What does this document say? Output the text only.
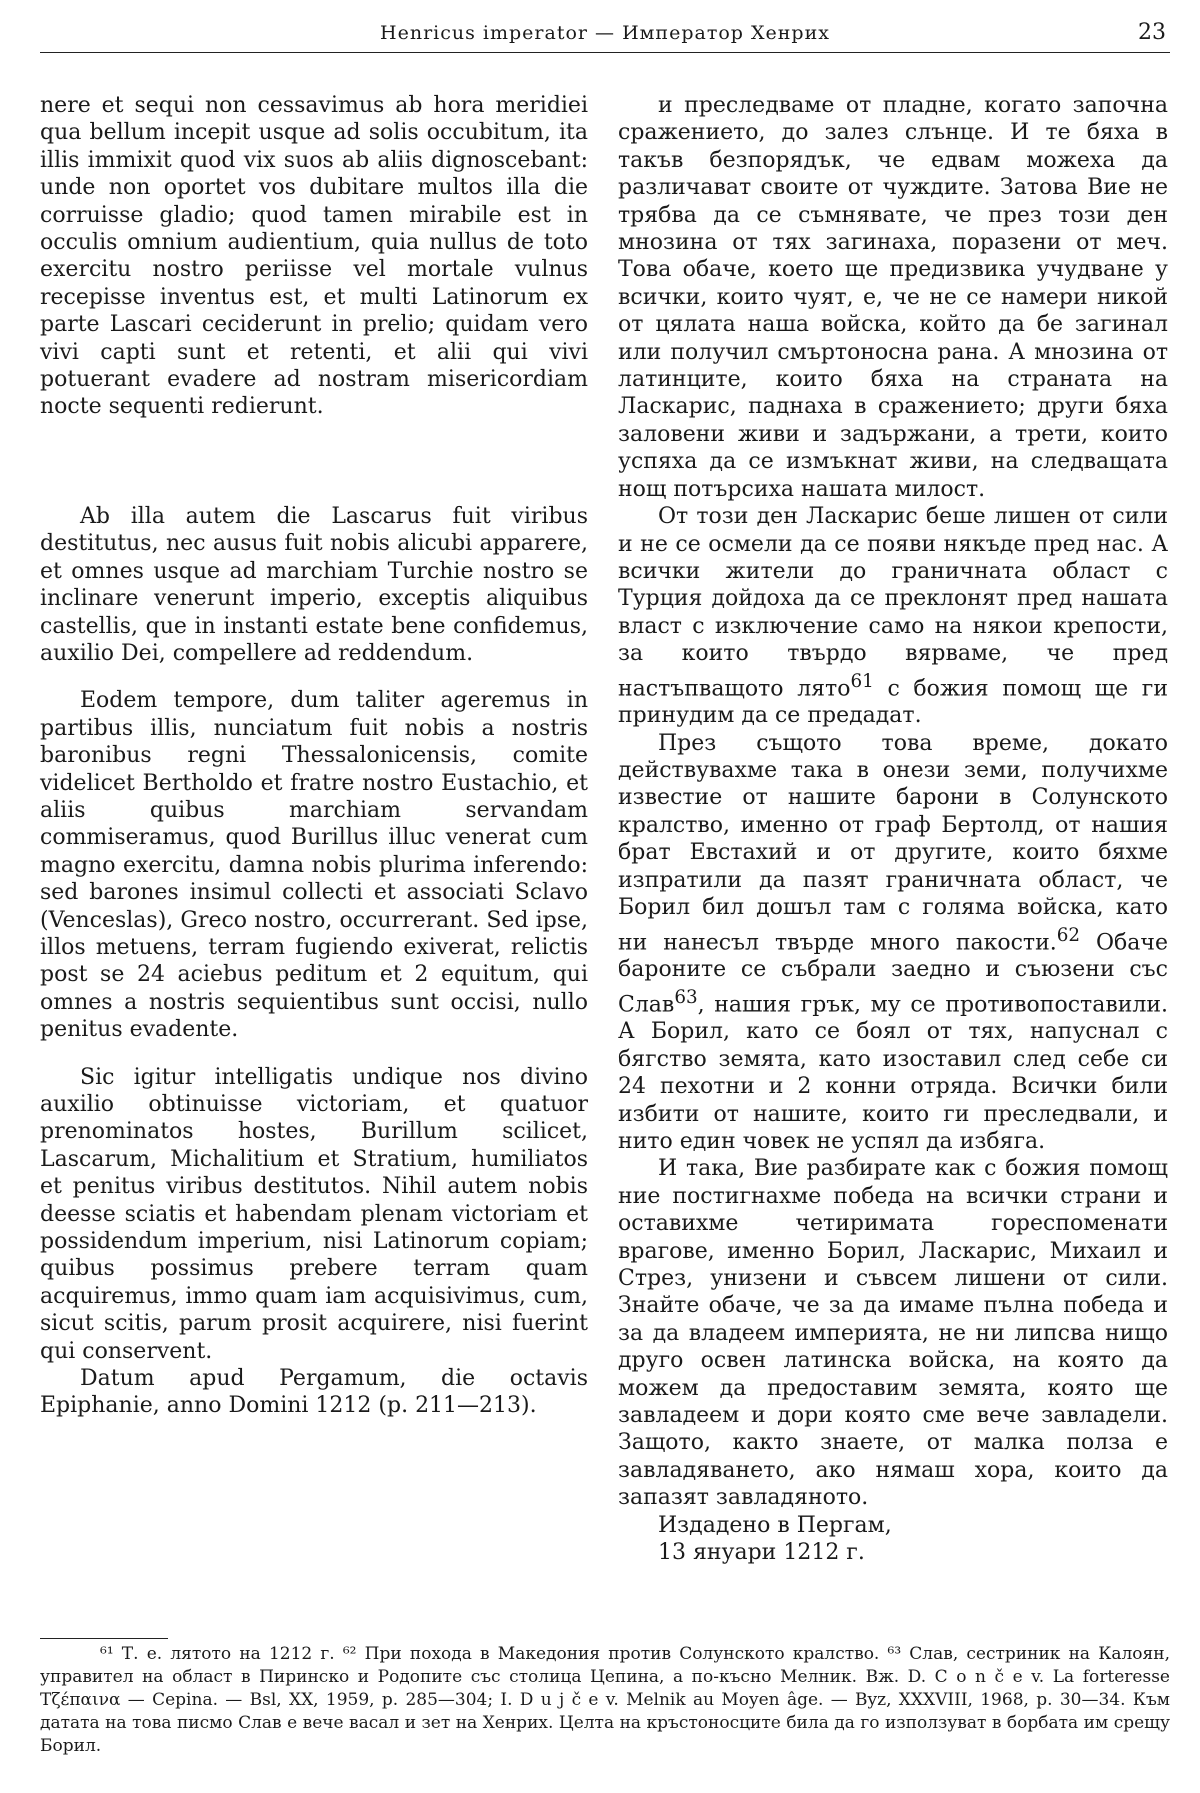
Henricus imperator — Император Хенрих	23

nere et sequi non cessavimus ab hora meridiei qua bellum incepit usque ad solis occubitum, ita illis immixit quod vix suos ab aliis dignoscebant: unde non oportet vos dubitare multos illa die corruisse gladio; quod tamen mirabile est in occulis omnium audientium, quia nullus de toto exercitu nostro periisse vel mortale vulnus recepisse inventus est, et multi Latinorum ex parte Lascari ceciderunt in prelio; quidam vero vivi capti sunt et retenti, et alii qui vivi potuerant evadere ad nostram misericordiam nocte sequenti redierunt.

Ab illa autem die Lascarus fuit viribus destitutus, nec ausus fuit nobis alicubi apparere, et omnes usque ad marchiam Turchie nostro se inclinare venerunt imperio, exceptis aliquibus castellis, que in instanti estate bene confidemus, auxilio Dei, compellere ad reddendum.

Eodem tempore, dum taliter ageremus in partibus illis, nunciatum fuit nobis a nostris baronibus regni Thessalonicensis, comite videlicet Bertholdo et fratre nostro Eustachio, et aliis quibus marchiam servandam commiseramus, quod Burillus illuc venerat cum magno exercitu, damna nobis plurima inferendo: sed barones insimul collecti et associati Sclavo (Venceslas), Greco nostro, occurrerant. Sed ipse, illos metuens, terram fugiendo exiverat, relictis post se 24 aciebus peditum et 2 equitum, qui omnes a nostris sequientibus sunt occisi, nullo penitus evadente.

Sic igitur intelligatis undique nos divino auxilio obtinuisse victoriam, et quatuor prenominatos hostes, Burillum scilicet, Lascarum, Michalitium et Stratium, humiliatos et penitus viribus destitutos. Nihil autem nobis deesse sciatis et habendam plenam victoriam et possidendum imperium, nisi Latinorum copiam; quibus possimus prebere terram quam acquiremus, immo quam iam acquisivimus, cum, sicut scitis, parum prosit acquirere, nisi fuerint qui conservent.

Datum apud Pergamum, die octavis Epiphanie, anno Domini 1212 (p. 211—213).

и преследваме от пладне, когато започна сражението, до залез слънце. И те бяха в такъв безпорядък, че едвам можеха да различават своите от чуждите. Затова Вие не трябва да се съмнявате, че през този ден мнозина от тях загинаха, поразени от меч. Това обаче, което ще предизвика учудване у всички, които чуят, е, че не се намери никой от цялата наша войска, който да бе загинал или получил смъртоносна рана. А мнозина от латинците, които бяха на страната на Ласкарис, паднаха в сражението; други бяха заловени живи и задържани, а трети, които успяха да се измъкнат живи, на следващата нощ потърсиха нашата милост.

От този ден Ласкарис беше лишен от сили и не се осмели да се появи някъде пред нас. А всички жители до граничната област с Турция дойдоха да се преклонят пред нашата власт с изключение само на някои крепости, за които твърдо вярваме, че пред настъпващото лято$^{61}$ с божия помощ ще ги принудим да се предадат.

През същото това време, докато действувахме така в онези земи, получихме известие от нашите барони в Солунското кралство, именно от граф Бертолд, от нашия брат Евстахий и от другите, които бяхме изпратили да пазят граничната област, че Борил бил дошъл там с голяма войска, като ни нанесъл твърде много пакости.$^{62}$ Обаче бароните се събрали заедно и съюзени със Слав$^{63}$, нашия грък, му се противопоставили. А Борил, като се боял от тях, напуснал с бягство земята, като изоставил след себе си 24 пехотни и 2 конни отряда. Всички били избити от нашите, които ги преследвали, и нито един човек не успял да избяга.

И така, Вие разбирате как с божия помощ ние постигнахме победа на всички страни и оставихме четиримата гореспоменати врагове, именно Борил, Ласкарис, Михаил и Стрез, унизени и съвсем лишени от сили. Знайте обаче, че за да имаме пълна победа и за да владеем империята, не ни липсва нищо друго освен латинска войска, на която да можем да предоставим земята, която ще завладеем и дори която сме вече завладели. Защото, както знаете, от малка полза е завладяването, ако нямаш хора, които да запазят завладяното.

Издадено в Пергам,

13 януари 1212 г.

⁶¹ Т. е. лятото на 1212 г. ⁶² При похода в Македония против Солунското кралство. ⁶³ Слав, сестриник на Калоян, управител на област в Пиринско и Родопите със столица Цепина, а по-късно Мелник. Вж. D. C o n č e v. La forteresse Τζέπαινα — Cepina. — Bsl, XX, 1959, p. 285—304; I. D u j č e v. Melnik au Moyen âge. — Byz, XXXVIII, 1968, p. 30—34. Към датата на това писмо Слав е вече васал и зет на Хенрих. Целта на кръстоносците била да го използуват в борбата им срещу Борил.
